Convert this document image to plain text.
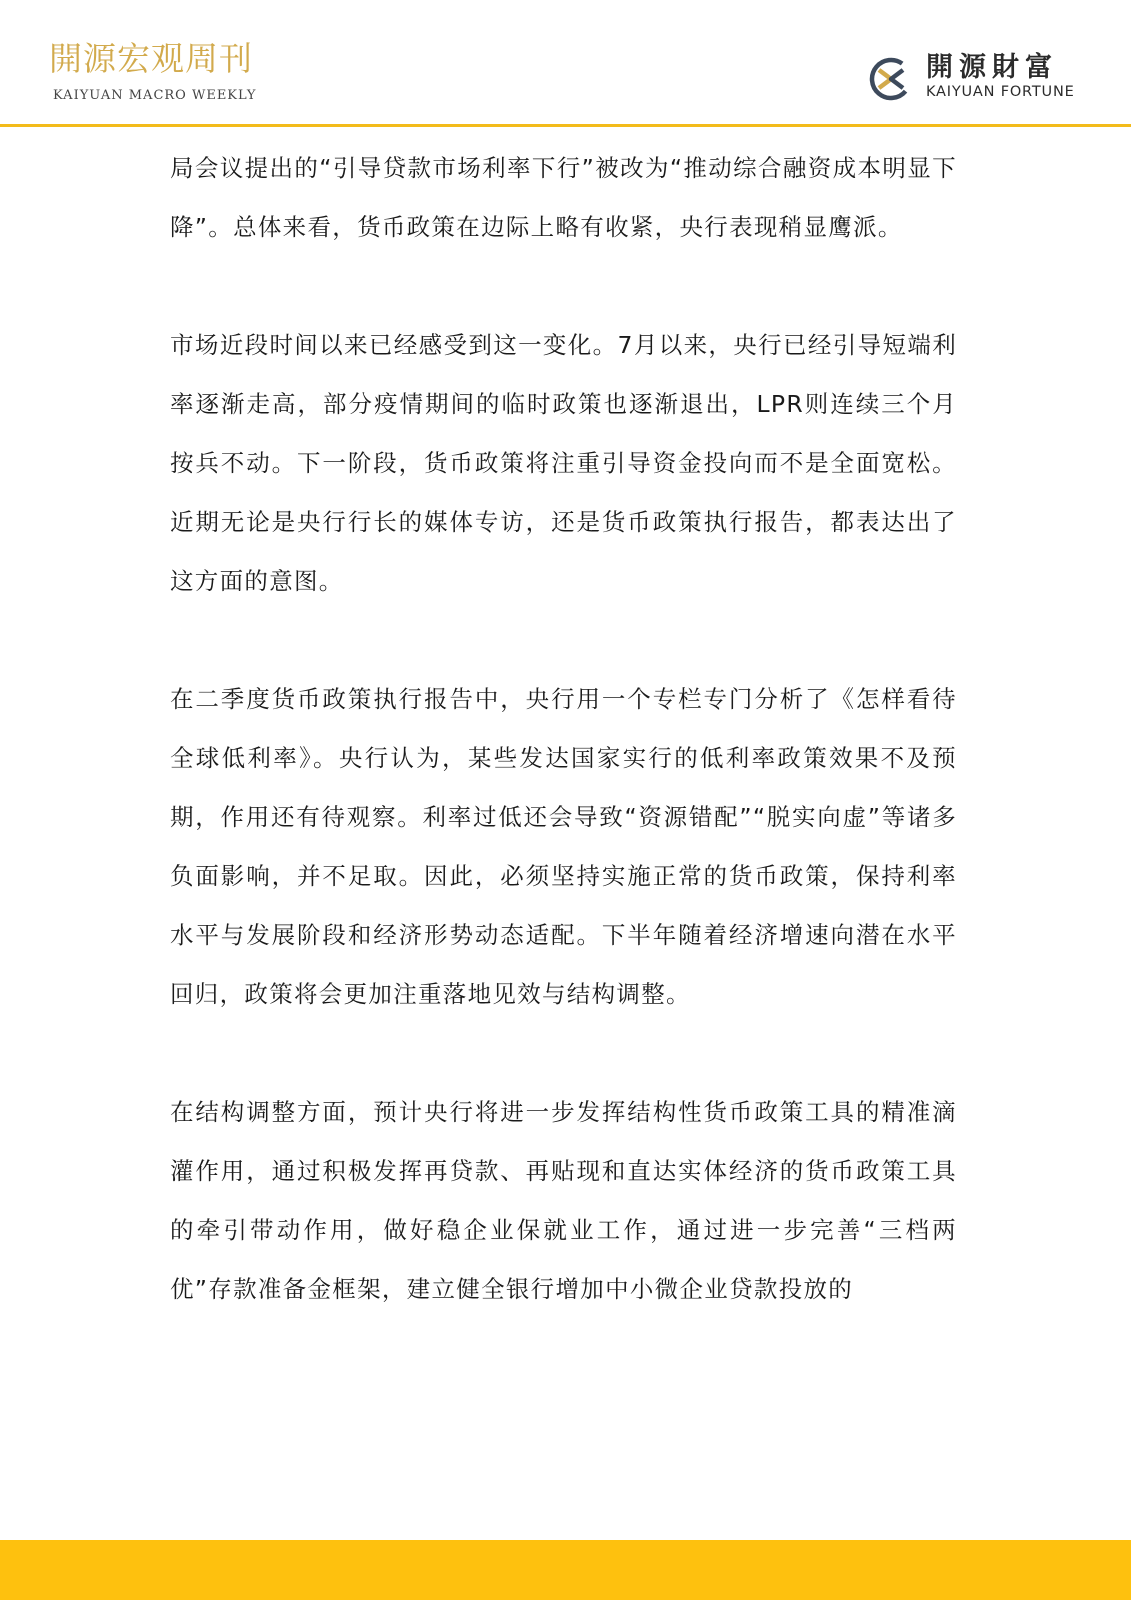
開源宏观周刊
KAIYUAN MACRO WEEKLY
開源財富
KAIYUAN FORTUNE

局会议提出的“引导贷款市场利率下行”被改为“推动综合融资成本明显下降”。总体来看，货币政策在边际上略有收紧，央行表现稍显鹰派。

市场近段时间以来已经感受到这一变化。7月以来，央行已经引导短端利率逐渐走高，部分疫情期间的临时政策也逐渐退出，LPR则连续三个月按兵不动。下一阶段，货币政策将注重引导资金投向而不是全面宽松。近期无论是央行行长的媒体专访，还是货币政策执行报告，都表达出了这方面的意图。

在二季度货币政策执行报告中，央行用一个专栏专门分析了《怎样看待全球低利率》。央行认为，某些发达国家实行的低利率政策效果不及预期，作用还有待观察。利率过低还会导致“资源错配”“脱实向虚”等诸多负面影响，并不足取。因此，必须坚持实施正常的货币政策，保持利率水平与发展阶段和经济形势动态适配。下半年随着经济增速向潜在水平回归，政策将会更加注重落地见效与结构调整。

在结构调整方面，预计央行将进一步发挥结构性货币政策工具的精准滴灌作用，通过积极发挥再贷款、再贴现和直达实体经济的货币政策工具的牵引带动作用，做好稳企业保就业工作，通过进一步完善“三档两优”存款准备金框架，建立健全银行增加中小微企业贷款投放的
